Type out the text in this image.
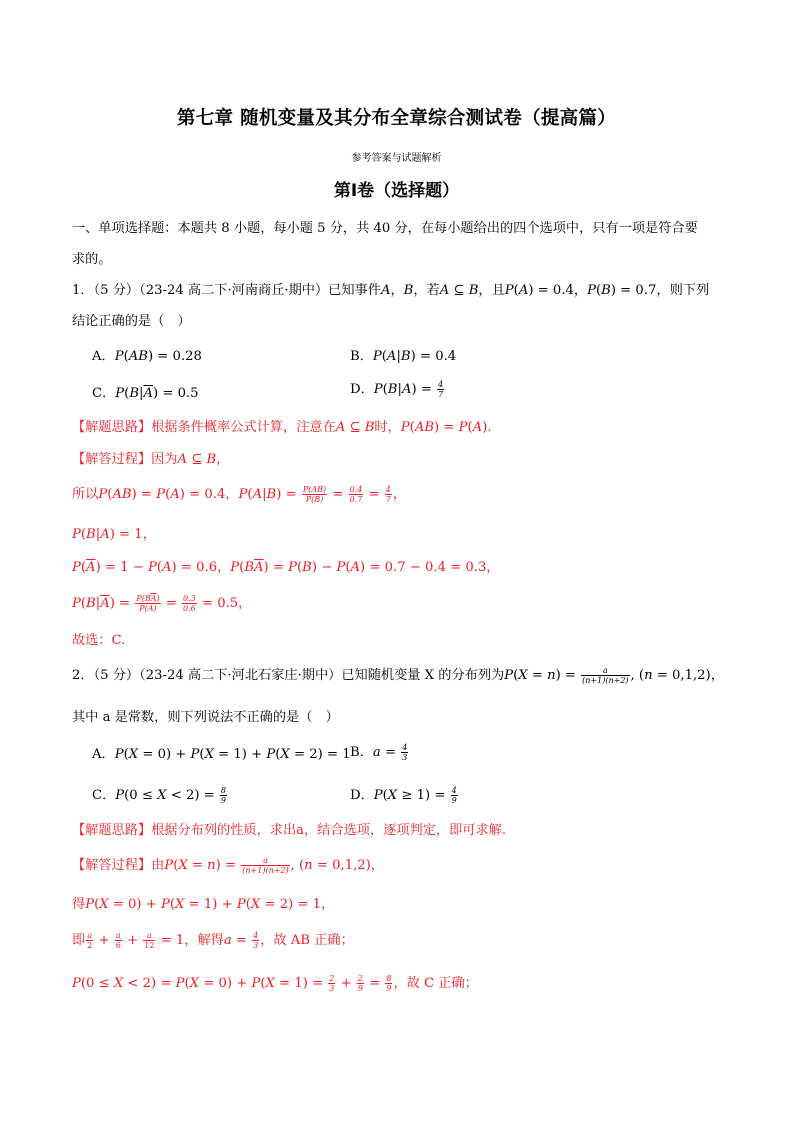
第七章 随机变量及其分布全章综合测试卷（提高篇）
参考答案与试题解析
第I卷（选择题）
一、单项选择题：本题共 8 小题，每小题 5 分，共 40 分，在每小题给出的四个选项中，只有一项是符合要
求的。
1．（5 分）（23-24 高二下·河南商丘·期中）已知事件A，B，若A ⊆ B，且P(A) = 0.4，P(B) = 0.7，则下列
结论正确的是（　）
A．P(AB) = 0.28	B．P(A|B) = 0.4
C．$P(B|\overline{A}) = 0.5$	D．$P(B|A) = \frac{4}{7}$
【解题思路】根据条件概率公式计算，注意在A ⊆ B时，P(AB) = P(A).
【解答过程】因为A ⊆ B，
所以P(AB) = P(A) = 0.4，$P(A|B) = \frac{P(AB)}{P(B)} = \frac{0.4}{0.7} = \frac{4}{7}$ ，
P(B|A) = 1，
$P(\overline{A}) = 1 - P(A) = 0.6$，$P(B\overline{A}) = P(B) - P(A) = 0.7 - 0.4 = 0.3$，
$P(B|\overline{A}) = \frac{P(B\overline{A})}{P(\overline{A})} = \frac{0.3}{0.6} = 0.5$，
故选：C.
2．（5 分）（23-24 高二下·河北石家庄·期中）已知随机变量 X 的分布列为$P(X = n) = \frac{a}{(n+1)(n+2)}$ , (n = 0,1,2)，
其中 a 是常数，则下列说法不正确的是（　）
A．P(X = 0) + P(X = 1) + P(X = 2) = 1 B．$a = \frac{4}{3}$
C．$P(0 \le X < 2) = \frac{8}{9}$	D．$P(X \ge 1) = \frac{4}{9}$
【解题思路】根据分布列的性质，求出a，结合选项，逐项判定，即可求解.
【解答过程】由$P(X = n) = \frac{a}{(n+1)(n+2)}$ , (n = 0,1,2)，
得P(X = 0) + P(X = 1) + P(X = 2) = 1，
即 $\frac{a}{2} + \frac{a}{6} + \frac{a}{12} = 1$，解得$a = \frac{4}{3}$ ，故 AB 正确；
$P(0 \le X < 2) = P(X = 0) + P(X = 1) = \frac{2}{3} + \frac{2}{9} = \frac{8}{9}$ ，故 C 正确；
